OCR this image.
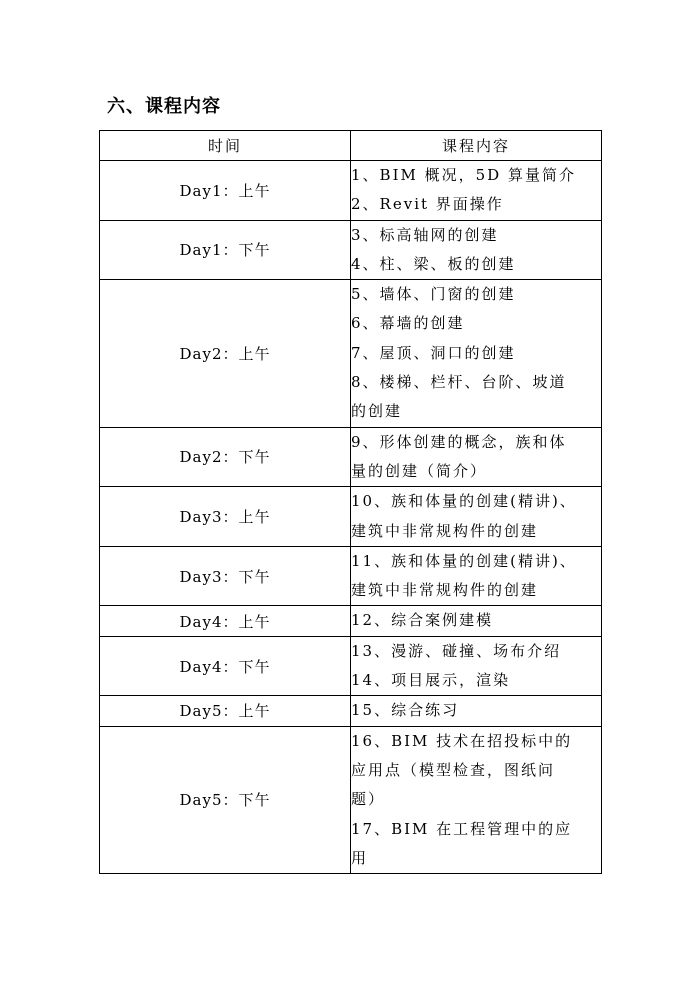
六、课程内容
时间	课程内容
Day1：上午	1、BIM 概况，5D 算量简介
2、Revit 界面操作

Day1：下午	3、标高轴网的创建
4、柱、梁、板的创建

Day2：上午	5、墙体、门窗的创建
6、幕墙的创建
7、屋顶、洞口的创建
8、楼梯、栏杆、台阶、坡道
的创建

Day2：下午	9、形体创建的概念，族和体
量的创建（简介）

Day3：上午	10、族和体量的创建(精讲)、
建筑中非常规构件的创建

Day3：下午	11、族和体量的创建(精讲)、
建筑中非常规构件的创建

Day4：上午	12、综合案例建模

Day4：下午	13、漫游、碰撞、场布介绍
14、项目展示，渲染

Day5：上午	15、综合练习

Day5：下午	16、BIM 技术在招投标中的
应用点（模型检查，图纸问
题）
17、BIM 在工程管理中的应
用
